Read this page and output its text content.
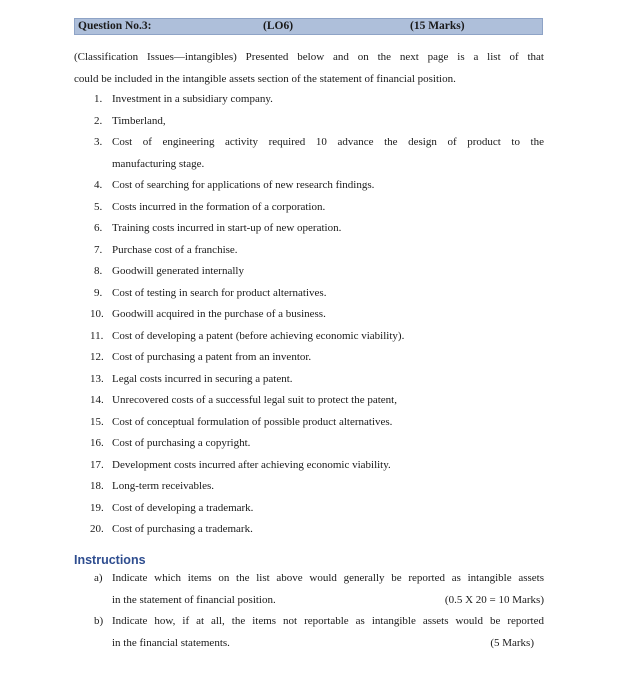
Question No.3:	(LO6)	(15 Marks)

(Classification Issues—intangibles) Presented below and on the next page is a list of that
could be included in the intangible assets section of the statement of financial position.

1. Investment in a subsidiary company.
2. Timberland,
3. Cost of engineering activity required 10 advance the design of product to the
manufacturing stage.
4. Cost of searching for applications of new research findings.
5. Costs incurred in the formation of a corporation.
6. Training costs incurred in start-up of new operation.
7. Purchase cost of a franchise.
8. Goodwill generated internally
9. Cost of testing in search for product alternatives.
10. Goodwill acquired in the purchase of a business.
11. Cost of developing a patent (before achieving economic viability).
12. Cost of purchasing a patent from an inventor.
13. Legal costs incurred in securing a patent.
14. Unrecovered costs of a successful legal suit to protect the patent,
15. Cost of conceptual formulation of possible product alternatives.
16. Cost of purchasing a copyright.
17. Development costs incurred after achieving economic viability.
18. Long-term receivables.
19. Cost of developing a trademark.
20. Cost of purchasing a trademark.
Instructions
a) Indicate which items on the list above would generally be reported as intangible assets
in the statement of financial position.	(0.5 X 20 = 10 Marks)
b) Indicate how, if at all, the items not reportable as intangible assets would be reported
in the financial statements.	(5 Marks)
